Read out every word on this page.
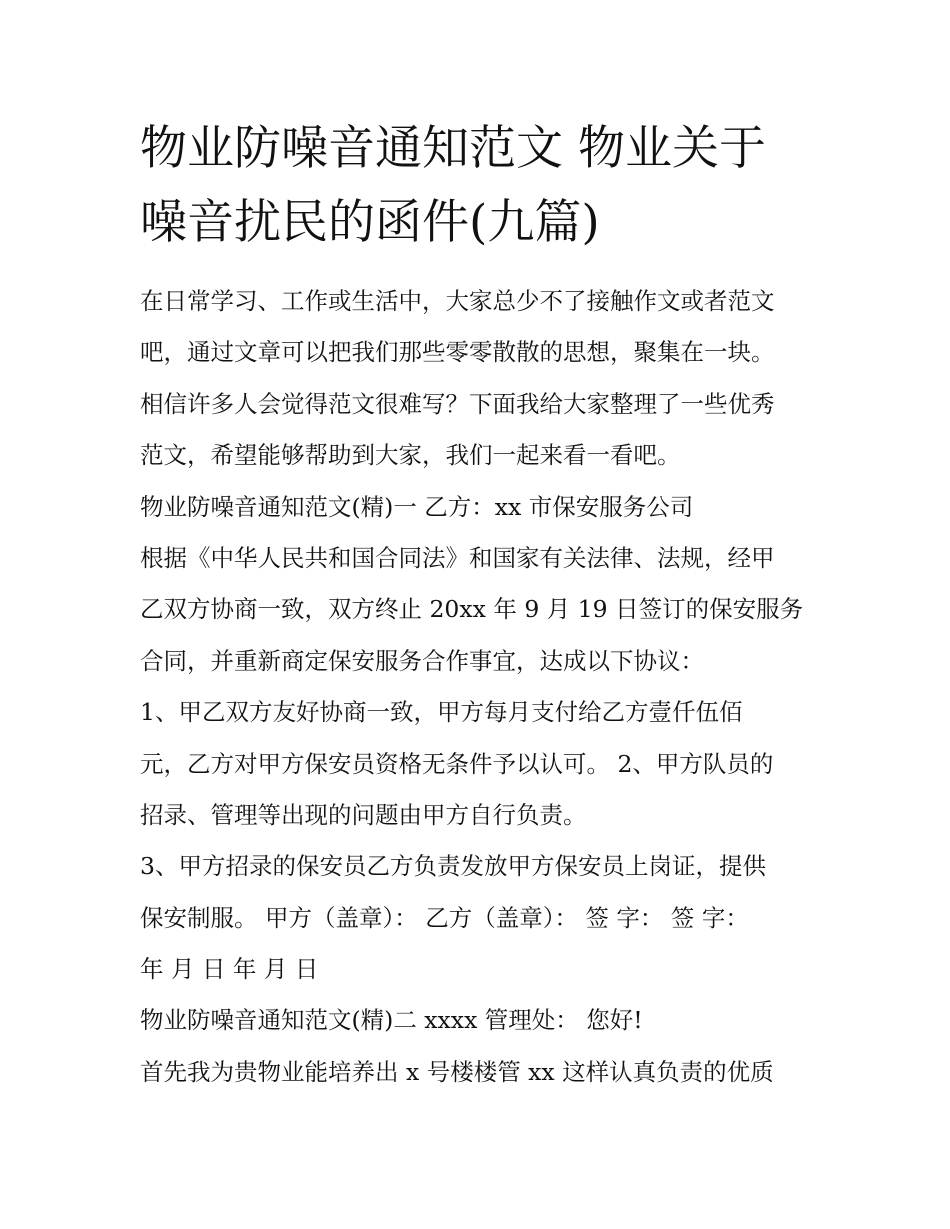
物业防噪音通知范文 物业关于
噪音扰民的函件(九篇)
在日常学习、工作或生活中，大家总少不了接触作文或者范文
吧，通过文章可以把我们那些零零散散的思想，聚集在一块。
相信许多人会觉得范文很难写？下面我给大家整理了一些优秀
范文，希望能够帮助到大家，我们一起来看一看吧。
物业防噪音通知范文(精)一 乙方：xx 市保安服务公司
根据《中华人民共和国合同法》和国家有关法律、法规，经甲
乙双方协商一致，双方终止 20xx 年 9 月 19 日签订的保安服务
合同，并重新商定保安服务合作事宜，达成以下协议：
1、甲乙双方友好协商一致，甲方每月支付给乙方壹仟伍佰
元，乙方对甲方保安员资格无条件予以认可。 2、甲方队员的
招录、管理等出现的问题由甲方自行负责。
3、甲方招录的保安员乙方负责发放甲方保安员上岗证，提供
保安制服。 甲方（盖章）： 乙方（盖章）： 签 字： 签 字：
年 月 日 年 月 日
物业防噪音通知范文(精)二 xxxx 管理处： 您好!
首先我为贵物业能培养出 x 号楼楼管 xx 这样认真负责的优质
